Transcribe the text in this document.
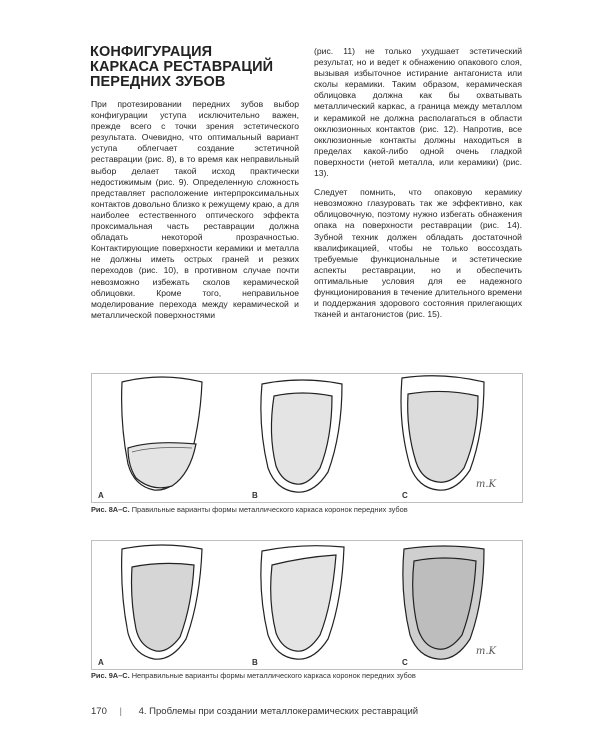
КОНФИГУРАЦИЯ
КАРКАСА РЕСТАВРАЦИЙ
ПЕРЕДНИХ ЗУБОВ

При протезировании передних зубов выбор конфигурации уступа исключительно важен, прежде всего с точки зрения эстетического результата. Очевидно, что оптимальный вариант уступа облегчает создание эстетичной реставрации (рис. 8), в то время как неправильный выбор делает такой исход практически недостижимым (рис. 9). Определенную сложность представляет расположение интерпроксимальных контактов довольно близко к режущему краю, а для наиболее естественного оптического эффекта проксимальная часть реставрации должна обладать некоторой прозрачностью. Контактирующие поверхности керамики и металла не должны иметь острых граней и резких переходов (рис. 10), в противном случае почти невозможно избежать сколов керамической облицовки. Кроме того, неправильное моделирование перехода между керамической и металлической поверхностями

(рис. 11) не только ухудшает эстетический результат, но и ведет к обнажению опакового слоя, вызывая избыточное истирание антагониста или сколы керамики. Таким образом, керамическая облицовка должна как бы охватывать металлический каркас, а граница между металлом и керамикой не должна располагаться в области окклюзионных контактов (рис. 12). Напротив, все окклюзионные контакты должны находиться в пределах какой-либо одной очень гладкой поверхности (нетой металла, или керамики) (рис. 13).

Следует помнить, что опаковую керамику невозможно глазуровать так же эффективно, как облицовочную, поэтому нужно избегать обнажения опака на поверхности реставрации (рис. 14). Зубной техник должен обладать достаточной квалификацией, чтобы не только воссоздать требуемые функциональные и эстетические аспекты реставрации, но и обеспечить оптимальные условия для ее надежного функционирования в течение длительного времени и поддержания здорового состояния прилегающих тканей и антагонистов (рис. 15).

A	B	C
m.K
Рис. 8A–C. Правильные варианты формы металлического каркаса коронок передних зубов
A	B	C
m.K
Рис. 9A–C. Неправильные варианты формы металлического каркаса коронок передних зубов
170 | 4. Проблемы при создании металлокерамических реставраций
